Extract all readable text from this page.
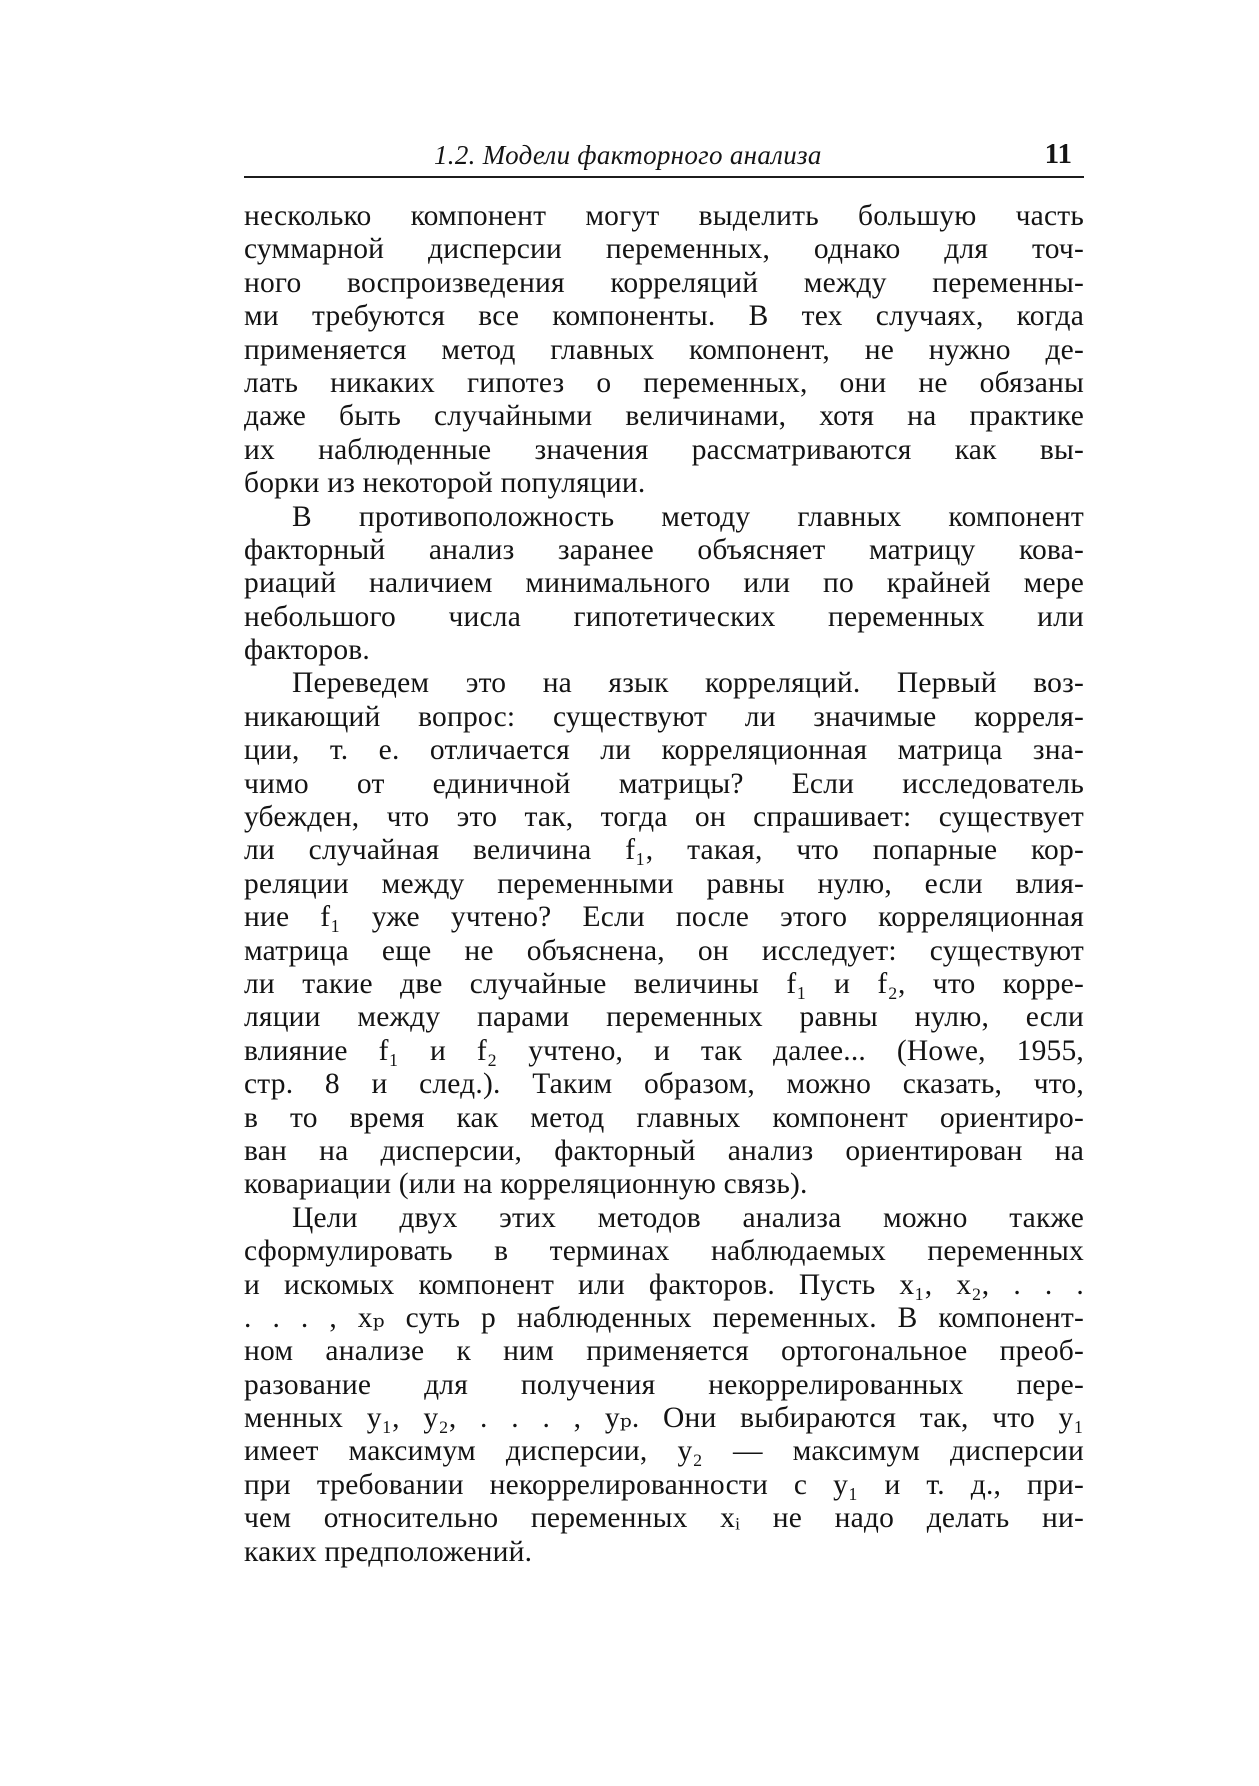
1.2. Модели факторного анализа	11
несколько компонент могут выделить большую часть
суммарной дисперсии переменных, однако для точ-
ного воспроизведения корреляций между переменны-
ми требуются все компоненты. В тех случаях, когда
применяется метод главных компонент, не нужно де-
лать никаких гипотез о переменных, они не обязаны
даже быть случайными величинами, хотя на практике
их наблюденные значения рассматриваются как вы-
борки из некоторой популяции.
В противоположность методу главных компонент
факторный анализ заранее объясняет матрицу кова-
риаций наличием минимального или по крайней мере
небольшого числа гипотетических переменных или
факторов.
Переведем это на язык корреляций. Первый воз-
никающий вопрос: существуют ли значимые корреля-
ции, т. е. отличается ли корреляционная матрица зна-
чимо от единичной матрицы? Если исследователь
убежден, что это так, тогда он спрашивает: существует
ли случайная величина f₁, такая, что попарные кор-
реляции между переменными равны нулю, если влия-
ние f₁ уже учтено? Если после этого корреляционная
матрица еще не объяснена, он исследует: существуют
ли такие две случайные величины f₁ и f₂, что корре-
ляции между парами переменных равны нулю, если
влияние f₁ и f₂ учтено, и так далее... (Howe, 1955,
стр. 8 и след.). Таким образом, можно сказать, что,
в то время как метод главных компонент ориентиро-
ван на дисперсии, факторный анализ ориентирован на
ковариации (или на корреляционную связь).
Цели двух этих методов анализа можно также
сформулировать в терминах наблюдаемых переменных
и искомых компонент или факторов. Пусть x₁, x₂, . . .
. . . , xₚ суть p наблюденных переменных. В компонент-
ном анализе к ним применяется ортогональное преоб-
разование для получения некоррелированных пере-
менных y₁, y₂, . . . , yₚ. Они выбираются так, что y₁
имеет максимум дисперсии, y₂ — максимум дисперсии
при требовании некоррелированности с y₁ и т. д., при-
чем относительно переменных xᵢ не надо делать ни-
каких предположений.
